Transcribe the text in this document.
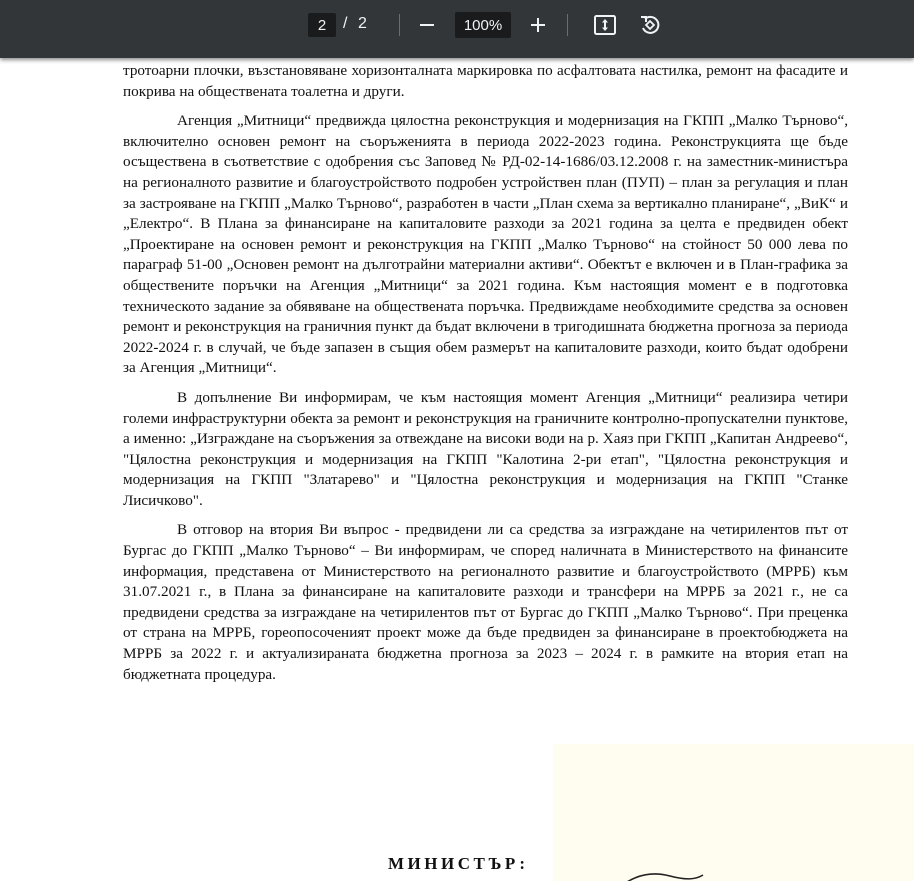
2
/ 2
100%

тротоарни плочки, възстановяване хоризонталната маркировка по асфалтовата настилка, ремонт на фасадите и покрива на обществената тоалетна и други.

Агенция „Митници“ предвижда цялостна реконструкция и модернизация на ГКПП „Малко Търново“, включително основен ремонт на съоръженията в периода 2022-2023 година. Реконструкцията ще бъде осъществена в съответствие с одобрения със Заповед № РД-02-14-1686/03.12.2008 г. на заместник-министъра на регионалното развитие и благоустройството подробен устройствен план (ПУП) – план за регулация и план за застрояване на ГКПП „Малко Търново“, разработен в части „План схема за вертикално планиране“, „ВиК“ и „Електро“. В Плана за финансиране на капиталовите разходи за 2021 година за целта е предвиден обект „Проектиране на основен ремонт и реконструкция на ГКПП „Малко Търново“ на стойност 50 000 лева по параграф 51-00 „Основен ремонт на дълготрайни материални активи“. Обектът е включен и в План-графика за обществените поръчки на Агенция „Митници“ за 2021 година. Към настоящия момент е в подготовка техническото задание за обявяване на обществената поръчка. Предвиждаме необходимите средства за основен ремонт и реконструкция на граничния пункт да бъдат включени в тригодишната бюджетна прогноза за периода 2022-2024 г. в случай, че бъде запазен в същия обем размерът на капиталовите разходи, които бъдат одобрени за Агенция „Митници“.

В допълнение Ви информирам, че към настоящия момент Агенция „Митници“ реализира четири големи инфраструктурни обекта за ремонт и реконструкция на граничните контролно-пропускателни пунктове, а именно: „Изграждане на съоръжения за отвеждане на високи води на р. Хаяз при ГКПП „Капитан Андреево“, "Цялостна реконструкция и модернизация на ГКПП "Калотина 2-ри етап", "Цялостна реконструкция и модернизация на ГКПП "Златарево" и "Цялостна реконструкция и модернизация на ГКПП "Станке Лисичково".

В отговор на втория Ви въпрос - предвидени ли са средства за изграждане на четирилентов път от Бургас до ГКПП „Малко Търново“ – Ви информирам, че според наличната в Министерството на финансите информация, представена от Министерството на регионалното развитие и благоустройството (МРРБ) към 31.07.2021 г., в Плана за финансиране на капиталовите разходи и трансфери на МРРБ за 2021 г., не са предвидени средства за изграждане на четирилентов път от Бургас до ГКПП „Малко Търново“. При преценка от страна на МРРБ, гореопосоченият проект може да бъде предвиден за финансиране в проектобюджета на МРРБ за 2022 г. и актуализираната бюджетна прогноза за 2023 – 2024 г. в рамките на втория етап на бюджетната процедура.

МИНИСТЪР:
